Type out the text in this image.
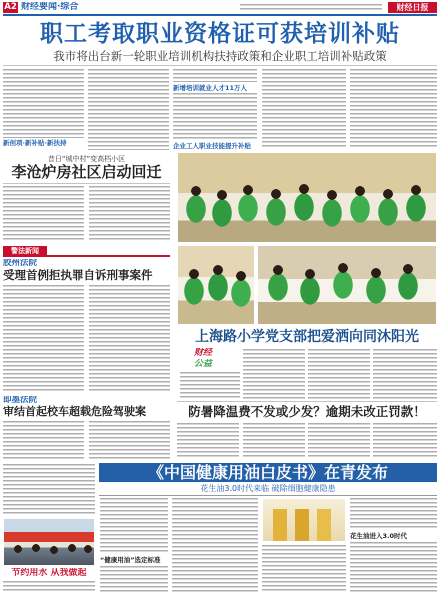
A2 财经要闻·综合	财经日报
职工考取职业资格证可获培训补贴
我市将出台新一轮职业培训机构扶持政策和企业职工培训补贴政策
新创项·新补贴·新扶持
新增培训就业人才11万人
企业工人职业技能提升补贴
昔日“城中村”变高档小区
李沧炉房社区启动回迁
警法新闻
胶州法院
受理首例拒执罪自诉刑事案件
即墨法院
审结首起校车超载危险驾驶案
上海路小学党支部把爱洒向同沐阳光
财经
公益
防暑降温费不发或少发？逾期未改正罚款！
节约用水 从我做起
《中国健康用油白皮书》在青发布
花生油3.0时代来临 破除细胞健康隐患
“健康用油”选定标准
花生油进入3.0时代
